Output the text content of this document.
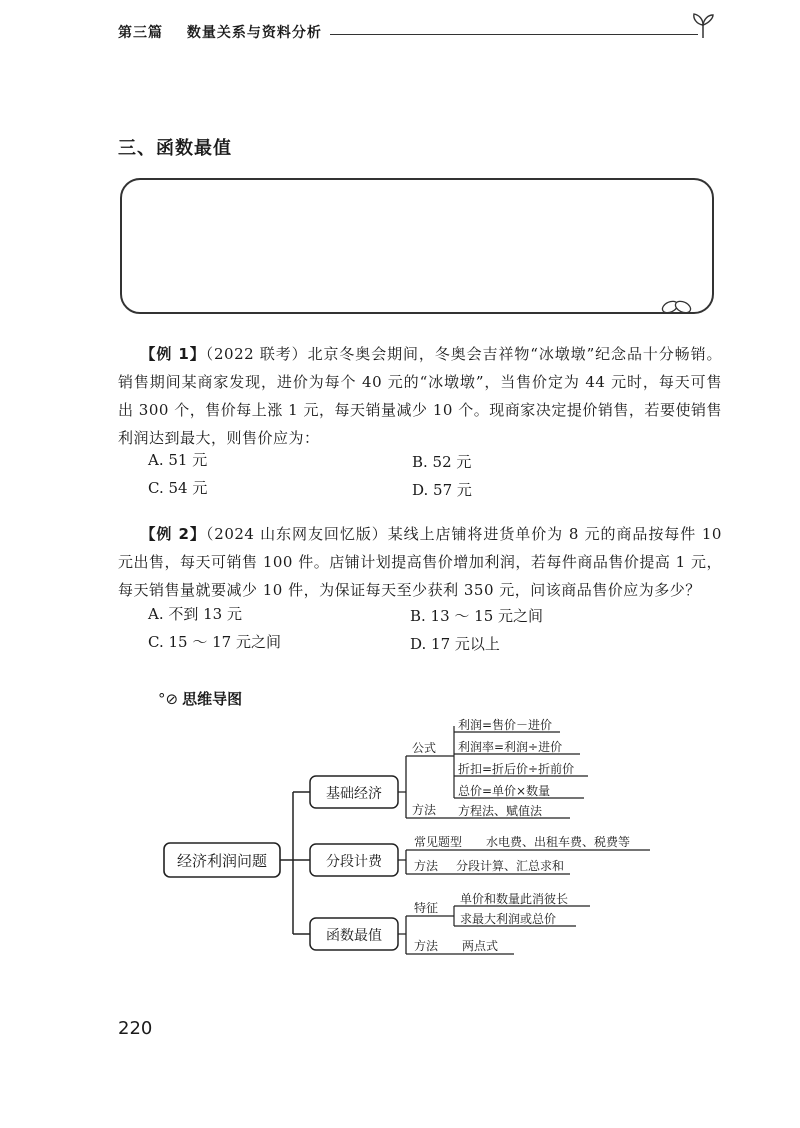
第三篇 数量关系与资料分析
三、函数最值
【例 1】（2022 联考）北京冬奥会期间，冬奥会吉祥物“冰墩墩”纪念品十分畅销。销售期间某商家发现，进价为每个 40 元的“冰墩墩”，当售价定为 44 元时，每天可售出 300 个，售价每上涨 1 元，每天销量减少 10 个。现商家决定提价销售，若要使销售利润达到最大，则售价应为：
A. 51 元	B. 52 元
C. 54 元	D. 57 元
【例 2】（2024 山东网友回忆版）某线上店铺将进货单价为 8 元的商品按每件 10 元出售，每天可销售 100 件。店铺计划提高售价增加利润，若每件商品售价提高 1 元，每天销售量就要减少 10 件，为保证每天至少获利 350 元，问该商品售价应为多少？
A. 不到 13 元	B. 13 ～ 15 元之间
C. 15 ～ 17 元之间	D. 17 元以上
°⊘ 思维导图
经济利润问题
基础经济
公式
方法
利润=售价－进价
利润率=利润÷进价
折扣=折后价÷折前价
总价=单价×数量
方程法、赋值法
分段计费
常见题型 水电费、出租车费、税费等
方法 分段计算、汇总求和
函数最值
特征
单价和数量此消彼长
求最大利润或总价
方法 两点式
220
